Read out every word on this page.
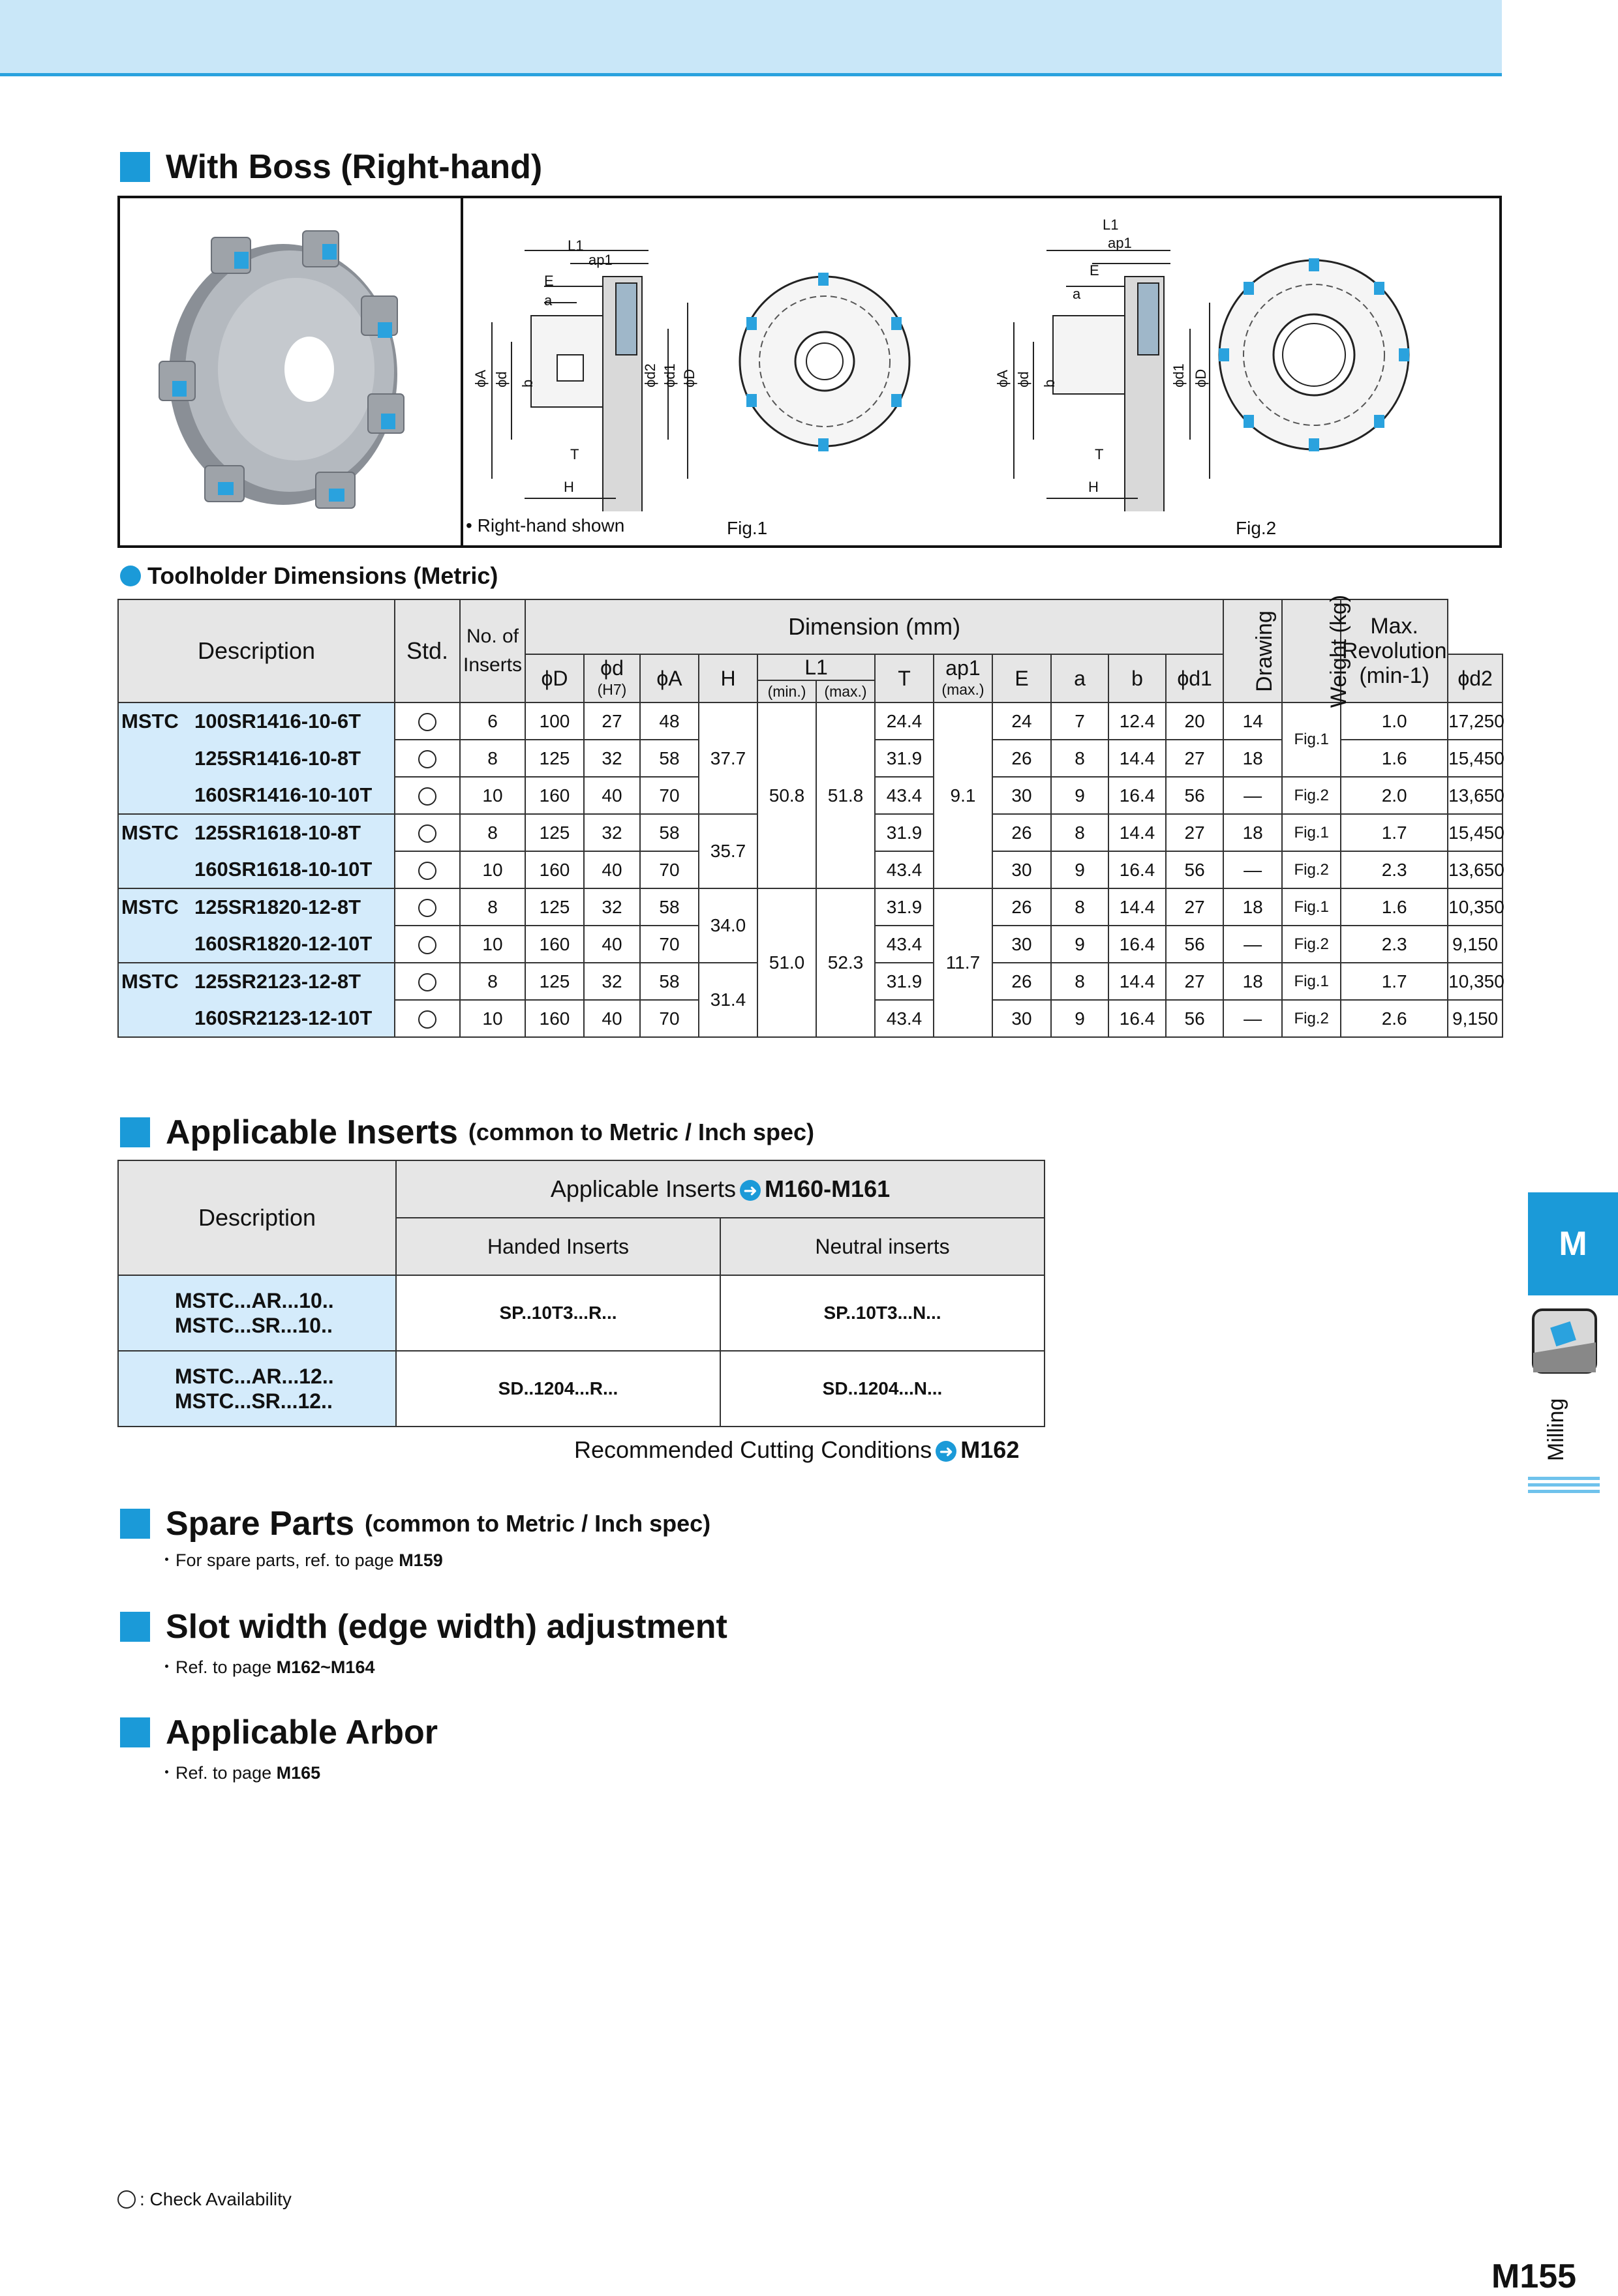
With Boss (Right-hand)
L1
ap1
E
a
T
H
ϕA ϕd b	ϕd2 ϕd1 ϕD
L1
ap1
E
a
T
H
ϕA ϕd b	ϕd1 ϕD
• Right-hand shown	Fig.1	Fig.2
Toolholder Dimensions (Metric)
Description	Std.	No. of Inserts	Dimension (mm)												Drawing	Weight (kg)	Max. Revolution
(min-1)	
			ϕD	ϕd
(H7)	ϕA	H	L1		T	ap1
(max.)	E	a	b	ϕd1				ϕd2
							(min.)	(max.)										
MSTC 100SR1416-10-6T		6	100	27	48	37.7	50.8	51.8	24.4	9.1	24	7	12.4	20	14	Fig.1	1.0	17,250
125SR1416-10-8T		8	125	32	58				31.9		26	8	14.4	27	18		1.6	15,450
160SR1416-10-10T		10	160	40	70				43.4		30	9	16.4	56	—	Fig.2	2.0	13,650
MSTC 125SR1618-10-8T		8	125	32	58	35.7			31.9		26	8	14.4	27	18	Fig.1	1.7	15,450
160SR1618-10-10T		10	160	40	70				43.4		30	9	16.4	56	—	Fig.2	2.3	13,650
MSTC 125SR1820-12-8T		8	125	32	58	34.0	51.0	52.3	31.9	11.7	26	8	14.4	27	18	Fig.1	1.6	10,350
160SR1820-12-10T		10	160	40	70				43.4		30	9	16.4	56	—	Fig.2	2.3	9,150
MSTC 125SR2123-12-8T		8	125	32	58	31.4			31.9		26	8	14.4	27	18	Fig.1	1.7	10,350
160SR2123-12-10T		10	160	40	70				43.4		30	9	16.4	56	—	Fig.2	2.6	9,150
Applicable Inserts (common to Metric / Inch spec)
Description	Applicable Inserts ➜ M160-M161	
	Handed Inserts	Neutral inserts
MSTC...AR...10..
MSTC...SR...10..	SP..10T3...R...	SP..10T3...N...
MSTC...AR...12..
MSTC...SR...12..	SD..1204...R...	SD..1204...N...
Recommended Cutting Conditions ➜ M162
Spare Parts (common to Metric / Inch spec)
・For spare parts, ref. to page M159
Slot width (edge width) adjustment
・Ref. to page M162~M164
Applicable Arbor
・Ref. to page M165
M
Milling
: Check Availability
M155
